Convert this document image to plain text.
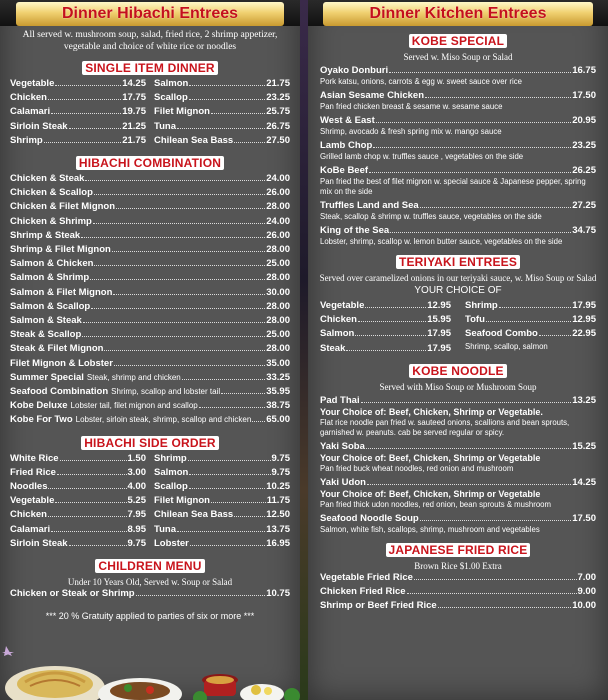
Dinner Hibachi Entrees
All served w. mushroom soup, salad, fried rice, 2 shrimp appetizer, vegetable and choice of white rice or noodles
SINGLE ITEM DINNER
Vegetable	14.25
Chicken	17.75
Calamari	19.75
Sirloin Steak	21.25
Shrimp	21.75
Salmon	21.75
Scallop	23.25
Filet Mignon	25.75
Tuna	26.75
Chilean Sea Bass	27.50
HIBACHI COMBINATION
Chicken & Steak	24.00
Chicken & Scallop	26.00
Chicken & Filet Mignon	28.00
Chicken & Shrimp	24.00
Shrimp & Steak	26.00
Shrimp & Filet Mignon	28.00
Salmon & Chicken	25.00
Salmon & Shrimp	28.00
Salmon & Filet Mignon	30.00
Salmon & Scallop	28.00
Salmon & Steak	28.00
Steak & Scallop	25.00
Steak & Filet Mignon	28.00
Filet Mignon & Lobster	35.00
Summer Special Steak, shrimp and chicken	33.25
Seafood Combination Shrimp, scallop and lobster tail	35.95
Kobe Deluxe Lobster tail, filet mignon and scallop	38.75
Kobe For Two Lobster, sirloin steak, shrimp, scallop and chicken 65.00
HIBACHI SIDE ORDER
White Rice	1.50
Fried Rice	3.00
Noodles	4.00
Vegetable	5.25
Chicken	7.95
Calamari	8.95
Sirloin Steak	9.75
Shrimp	9.75
Salmon	9.75
Scallop	10.25
Filet Mignon	11.75
Chilean Sea Bass	12.50
Tuna	13.75
Lobster	16.95
CHILDREN MENU
Under 10 Years Old, Served w. Soup or Salad
Chicken or Steak or Shrimp	10.75
*** 20 % Gratuity applied to parties of six or more ***
Dinner Kitchen Entrees
KOBE SPECIAL
Served w. Miso Soup or Salad
Oyako Donburi	16.75
Pork katsu, onions, carrots & egg w. sweet sauce over rice
Asian Sesame Chicken	17.50
Pan fried chicken breast & sesame w. sesame sauce
West & East	20.95
Shrimp, avocado & fresh spring mix w. mango sauce
Lamb Chop	23.25
Grilled lamb chop w. truffles sauce , vegetables on the side
KoBe Beef	26.25
Pan fried the best of filet mignon w. special sauce & Japanese pepper, spring mix on the side
Truffles Land and Sea	27.25
Steak, scallop & shrimp w. truffles sauce, vegetables on the side
King of the Sea	34.75
Lobster, shrimp, scallop w. lemon butter sauce, vegetables on the side
TERIYAKI ENTREES
Served over caramelized onions in our teriyaki sauce, w. Miso Soup or Salad
YOUR CHOICE OF
Vegetable	12.95
Chicken	15.95
Salmon	17.95
Steak	17.95
Shrimp	17.95
Tofu	12.95
Seafood Combo	22.95
Shrimp, scallop, salmon
KOBE NOODLE
Served with Miso Soup or Mushroom Soup
Pad Thai	13.25
Your Choice of: Beef, Chicken, Shrimp or Vegetable.
Flat rice noodle pan fried w. sauteed onions, scallions and bean sprouts, garnished w. peanuts. cab be served regular or spicy.
Yaki Soba	15.25
Your Choice of: Beef, Chicken, Shrimp or Vegetable
Pan fried buck wheat noodles, red onion and mushroom
Yaki Udon	14.25
Your Choice of: Beef, Chicken, Shrimp or Vegetable
Pan fried thick udon noodles, red onion, bean sprouts & mushroom
Seafood Noodle Soup	17.50
Salmon, white fish, scallops, shrimp, mushroom and vegetables
JAPANESE FRIED RICE
Brown Rice $1.00 Extra
Vegetable Fried Rice	7.00
Chicken Fried Rice	9.00
Shrimp or Beef Fried Rice	10.00
